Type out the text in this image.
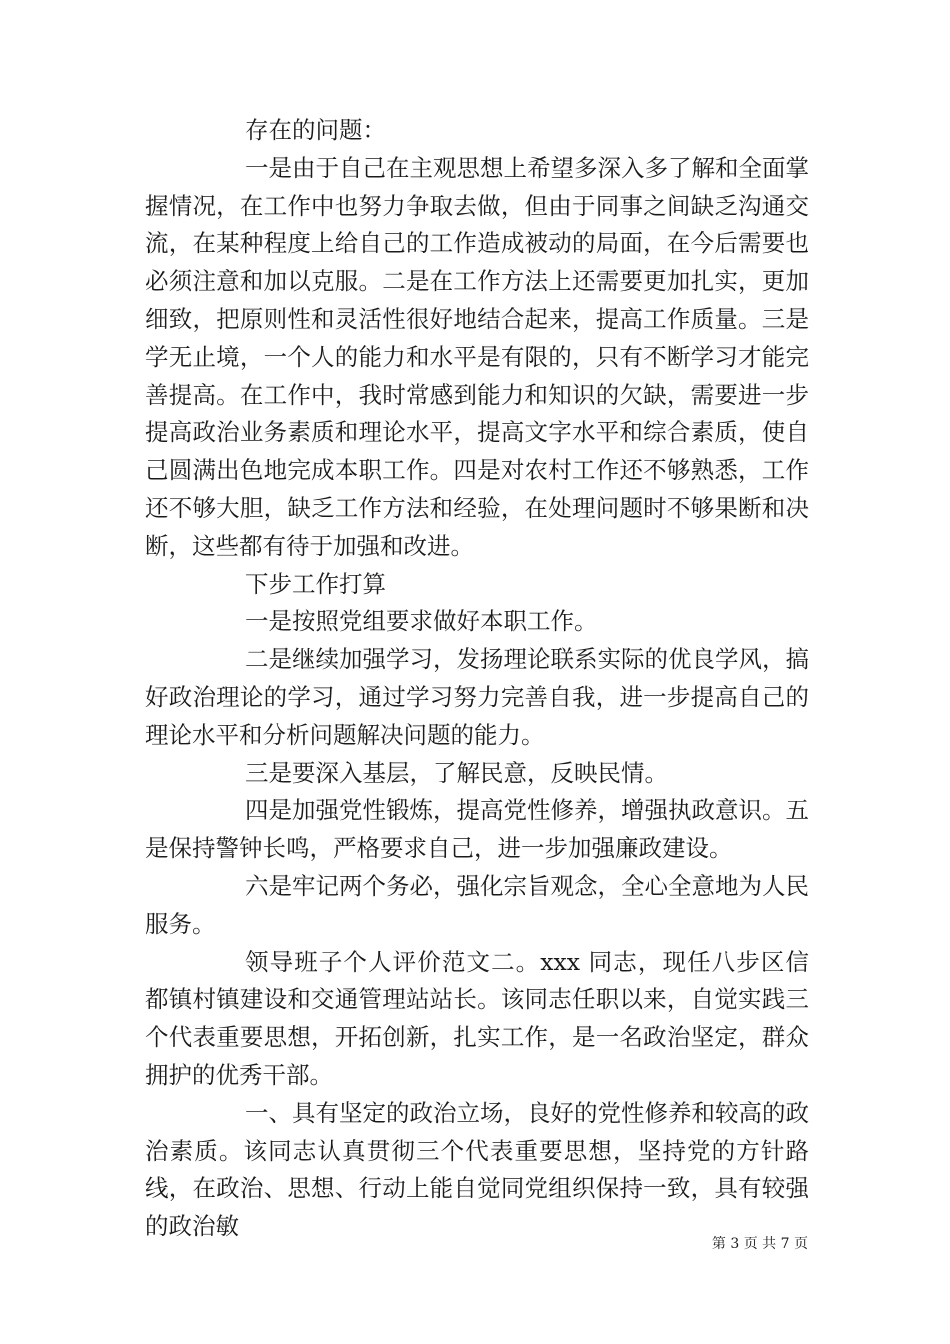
存在的问题：

一是由于自己在主观思想上希望多深入多了解和全面掌握情况，在工作中也努力争取去做，但由于同事之间缺乏沟通交流，在某种程度上给自己的工作造成被动的局面，在今后需要也必须注意和加以克服。二是在工作方法上还需要更加扎实，更加细致，把原则性和灵活性很好地结合起来，提高工作质量。三是学无止境，一个人的能力和水平是有限的，只有不断学习才能完善提高。在工作中，我时常感到能力和知识的欠缺，需要进一步提高政治业务素质和理论水平，提高文字水平和综合素质，使自己圆满出色地完成本职工作。四是对农村工作还不够熟悉，工作还不够大胆，缺乏工作方法和经验，在处理问题时不够果断和决断，这些都有待于加强和改进。

下步工作打算

一是按照党组要求做好本职工作。

二是继续加强学习，发扬理论联系实际的优良学风，搞好政治理论的学习，通过学习努力完善自我，进一步提高自己的理论水平和分析问题解决问题的能力。

三是要深入基层，了解民意，反映民情。

四是加强党性锻炼，提高党性修养，增强执政意识。五是保持警钟长鸣，严格要求自己，进一步加强廉政建设。

六是牢记两个务必，强化宗旨观念，全心全意地为人民服务。

领导班子个人评价范文二。xxx 同志，现任八步区信都镇村镇建设和交通管理站站长。该同志任职以来，自觉实践三个代表重要思想，开拓创新，扎实工作，是一名政治坚定，群众拥护的优秀干部。

一、具有坚定的政治立场，良好的党性修养和较高的政治素质。该同志认真贯彻三个代表重要思想，坚持党的方针路线，在政治、思想、行动上能自觉同党组织保持一致，具有较强的政治敏

第 3 页 共 7 页
